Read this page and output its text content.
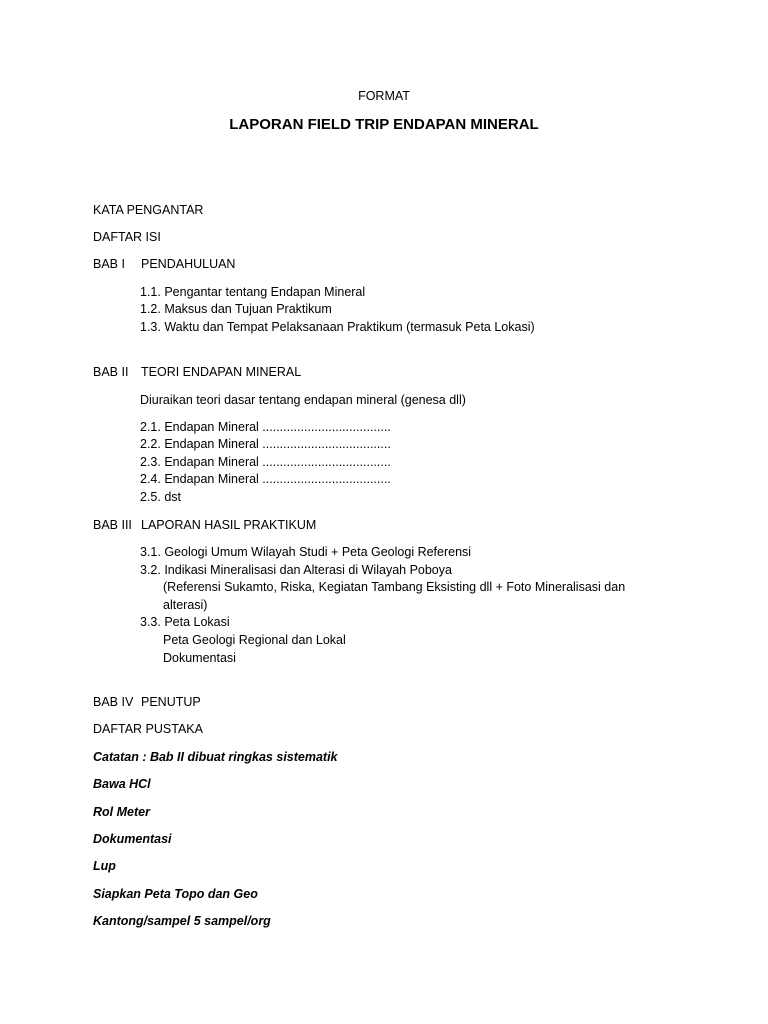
FORMAT
LAPORAN FIELD TRIP ENDAPAN MINERAL
KATA PENGANTAR
DAFTAR ISI
BAB I PENDAHULUAN
1.1. Pengantar tentang Endapan Mineral
1.2. Maksus dan Tujuan Praktikum
1.3. Waktu dan Tempat Pelaksanaan Praktikum (termasuk Peta Lokasi)
BAB II TEORI ENDAPAN MINERAL
Diuraikan teori dasar tentang endapan mineral (genesa dll)
2.1. Endapan Mineral .....................................
2.2. Endapan Mineral .....................................
2.3. Endapan Mineral .....................................
2.4. Endapan Mineral .....................................
2.5. dst
BAB III LAPORAN HASIL PRAKTIKUM
3.1. Geologi Umum Wilayah Studi + Peta Geologi Referensi
3.2. Indikasi Mineralisasi dan Alterasi di Wilayah Poboya
(Referensi Sukamto, Riska, Kegiatan Tambang Eksisting dll + Foto Mineralisasi dan
alterasi)
3.3. Peta Lokasi
Peta Geologi Regional dan Lokal
Dokumentasi
BAB IV PENUTUP
DAFTAR PUSTAKA
Catatan : Bab II dibuat ringkas sistematik
Bawa HCl
Rol Meter
Dokumentasi
Lup
Siapkan Peta Topo dan Geo
Kantong/sampel 5 sampel/org
